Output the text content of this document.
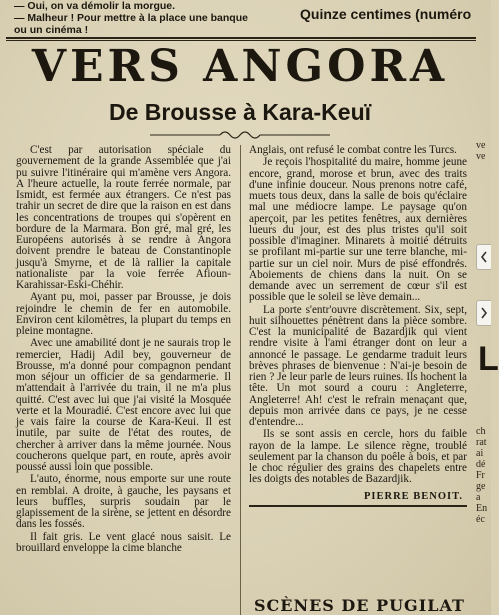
— Oui, on va démolir la morgue.
— Malheur ! Pour mettre à la place une banque
ou un cinéma !
Quinze centimes (numéro
VERS ANGORA
De Brousse à Kara-Keuï

C'est par autorisation spéciale du gouvernement de la grande Assemblée que j'ai pu suivre l'itinéraire qui m'amène vers Angora. A l'heure actuelle, la route ferrée normale, par Ismidt, est fermée aux étrangers. Ce n'est pas trahir un secret de dire que la raison en est dans les concentrations de troupes qui s'opèrent en bordure de la Marmara. Bon gré, mal gré, les Européens autorisés à se rendre à Angora doivent prendre le bateau de Constantinople jusqu'à Smyrne, et de là rallier la capitale nationaliste par la voie ferrée Afioun-Karahissar-Eski-Chéhir.

Ayant pu, moi, passer par Brousse, je dois rejoindre le chemin de fer en automobile. Environ cent kilomètres, la plupart du temps en pleine montagne.

Avec une amabilité dont je ne saurais trop le remercier, Hadij Adil bey, gouverneur de Brousse, m'a donné pour compagnon pendant mon séjour un officier de sa gendarmerie. Il m'attendait à l'arrivée du train, il ne m'a plus quitté. C'est avec lui que j'ai visité la Mosquée verte et la Mouradié. C'est encore avec lui que je vais faire la course de Kara-Keui. Il est inutile, par suite de l'état des routes, de chercher à arriver dans la même journée. Nous coucherons quelque part, en route, après avoir poussé aussi loin que possible.

L'auto, énorme, nous emporte sur une route en remblai. A droite, à gauche, les paysans et leurs buffles, surpris soudain par le glapissement de la sirène, se jettent en désordre dans les fossés.

Il fait gris. Le vent glacé nous saisit. Le brouillard enveloppe la cime blanche

Anglais, ont refusé le combat contre les Turcs.

Je reçois l'hospitalité du maire, homme jeune encore, grand, morose et brun, avec des traits d'une infinie douceur. Nous prenons notre café, muets tous deux, dans la salle de bois qu'éclaire mal une médiocre lampe. Le paysage qu'on aperçoit, par les petites fenêtres, aux dernières lueurs du jour, est des plus tristes qu'il soit possible d'imaginer. Minarets à moitié détruits se profilant mi-partie sur une terre blanche, mi-partie sur un ciel noir. Murs de pisé effondrés. Aboiements de chiens dans la nuit. On se demande avec un serrement de cœur s'il est possible que le soleil se lève demain...

La porte s'entr'ouvre discrètement. Six, sept, huit silhouettes pénètrent dans la pièce sombre. C'est la municipalité de Bazardjik qui vient rendre visite à l'ami étranger dont on leur a annoncé le passage. Le gendarme traduit leurs brèves phrases de bienvenue : N'ai-je besoin de rien ? Je leur parle de leurs ruines. Ils hochent la tête. Un mot sourd a couru : Angleterre, Angleterre! Ah! c'est le refrain menaçant que, depuis mon arrivée dans ce pays, je ne cesse d'entendre...

Ils se sont assis en cercle, hors du faible rayon de la lampe. Le silence règne, troublé seulement par la chanson du poêle à bois, et par le choc régulier des grains des chapelets entre les doigts des notables de Bazardjik.

PIERRE BENOIT.
SCÈNES DE PUGILAT
ve
ve

ch
rat
ai
dé
Fr
ge
a
En
éc
L
